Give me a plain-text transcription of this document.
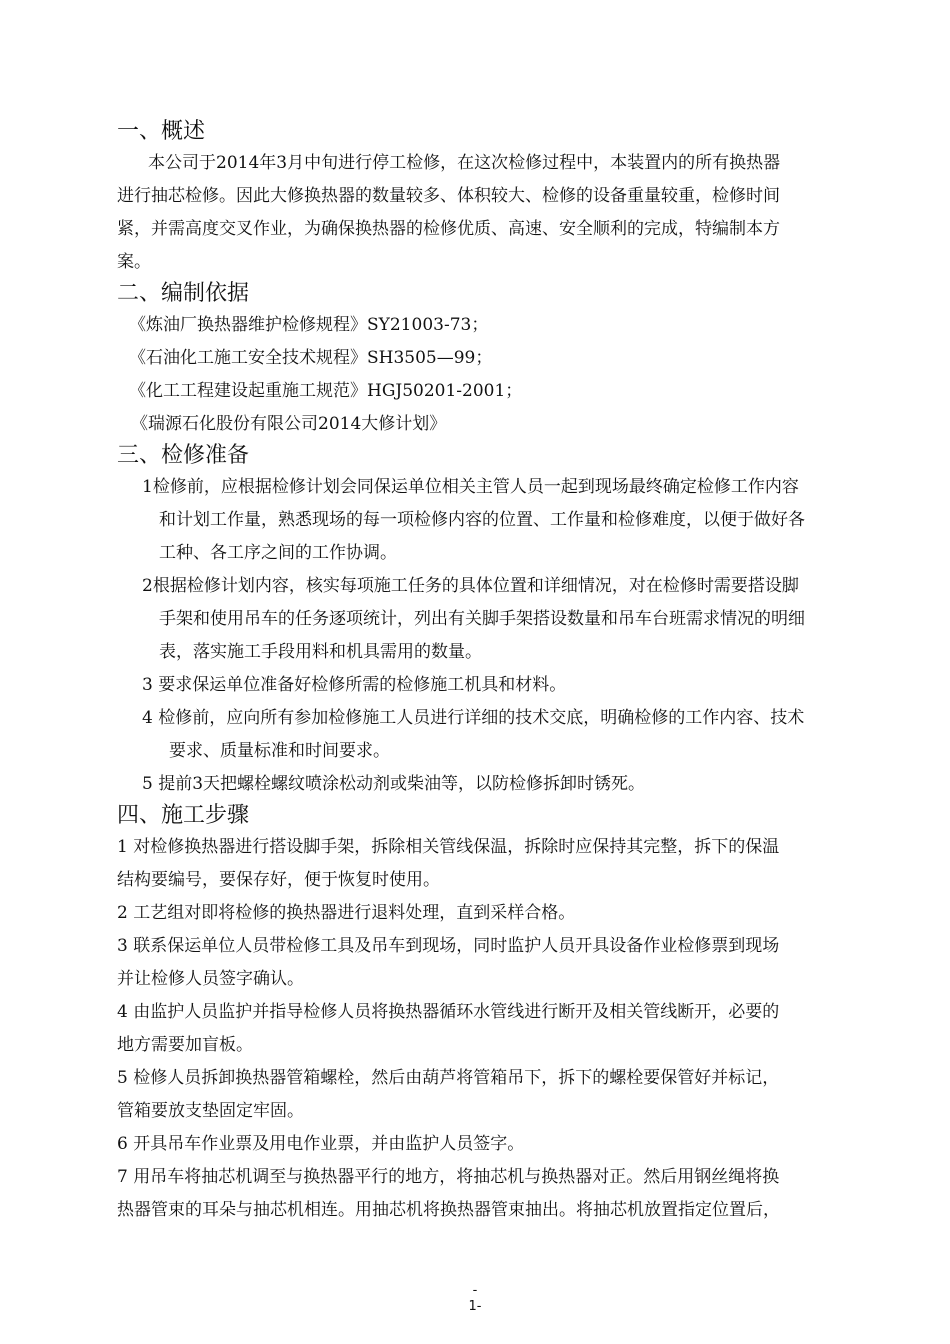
一、概述
本公司于2014年3月中旬进行停工检修，在这次检修过程中，本装置内的所有换热器
进行抽芯检修。因此大修换热器的数量较多、体积较大、检修的设备重量较重，检修时间
紧，并需高度交叉作业，为确保换热器的检修优质、高速、安全顺利的完成，特编制本方
案。
二、编制依据
《炼油厂换热器维护检修规程》SY21003-73；
《石油化工施工安全技术规程》SH3505—99；
《化工工程建设起重施工规范》HGJ50201-2001；
《瑞源石化股份有限公司2014大修计划》
三、检修准备
1检修前，应根据检修计划会同保运单位相关主管人员一起到现场最终确定检修工作内容
和计划工作量，熟悉现场的每一项检修内容的位置、工作量和检修难度，以便于做好各
工种、各工序之间的工作协调。
2根据检修计划内容，核实每项施工任务的具体位置和详细情况，对在检修时需要搭设脚
手架和使用吊车的任务逐项统计，列出有关脚手架搭设数量和吊车台班需求情况的明细
表，落实施工手段用料和机具需用的数量。
3 要求保运单位准备好检修所需的检修施工机具和材料。
4 检修前，应向所有参加检修施工人员进行详细的技术交底，明确检修的工作内容、技术
要求、质量标准和时间要求。
5 提前3天把螺栓螺纹喷涂松动剂或柴油等，以防检修拆卸时锈死。
四、施工步骤
1 对检修换热器进行搭设脚手架，拆除相关管线保温，拆除时应保持其完整，拆下的保温
结构要编号，要保存好，便于恢复时使用。
2 工艺组对即将检修的换热器进行退料处理，直到采样合格。
3 联系保运单位人员带检修工具及吊车到现场，同时监护人员开具设备作业检修票到现场
并让检修人员签字确认。
4 由监护人员监护并指导检修人员将换热器循环水管线进行断开及相关管线断开，必要的
地方需要加盲板。
5 检修人员拆卸换热器管箱螺栓，然后由葫芦将管箱吊下，拆下的螺栓要保管好并标记，
管箱要放支垫固定牢固。
6 开具吊车作业票及用电作业票，并由监护人员签字。
7 用吊车将抽芯机调至与换热器平行的地方，将抽芯机与换热器对正。然后用钢丝绳将换
热器管束的耳朵与抽芯机相连。用抽芯机将换热器管束抽出。将抽芯机放置指定位置后，
-
1-
